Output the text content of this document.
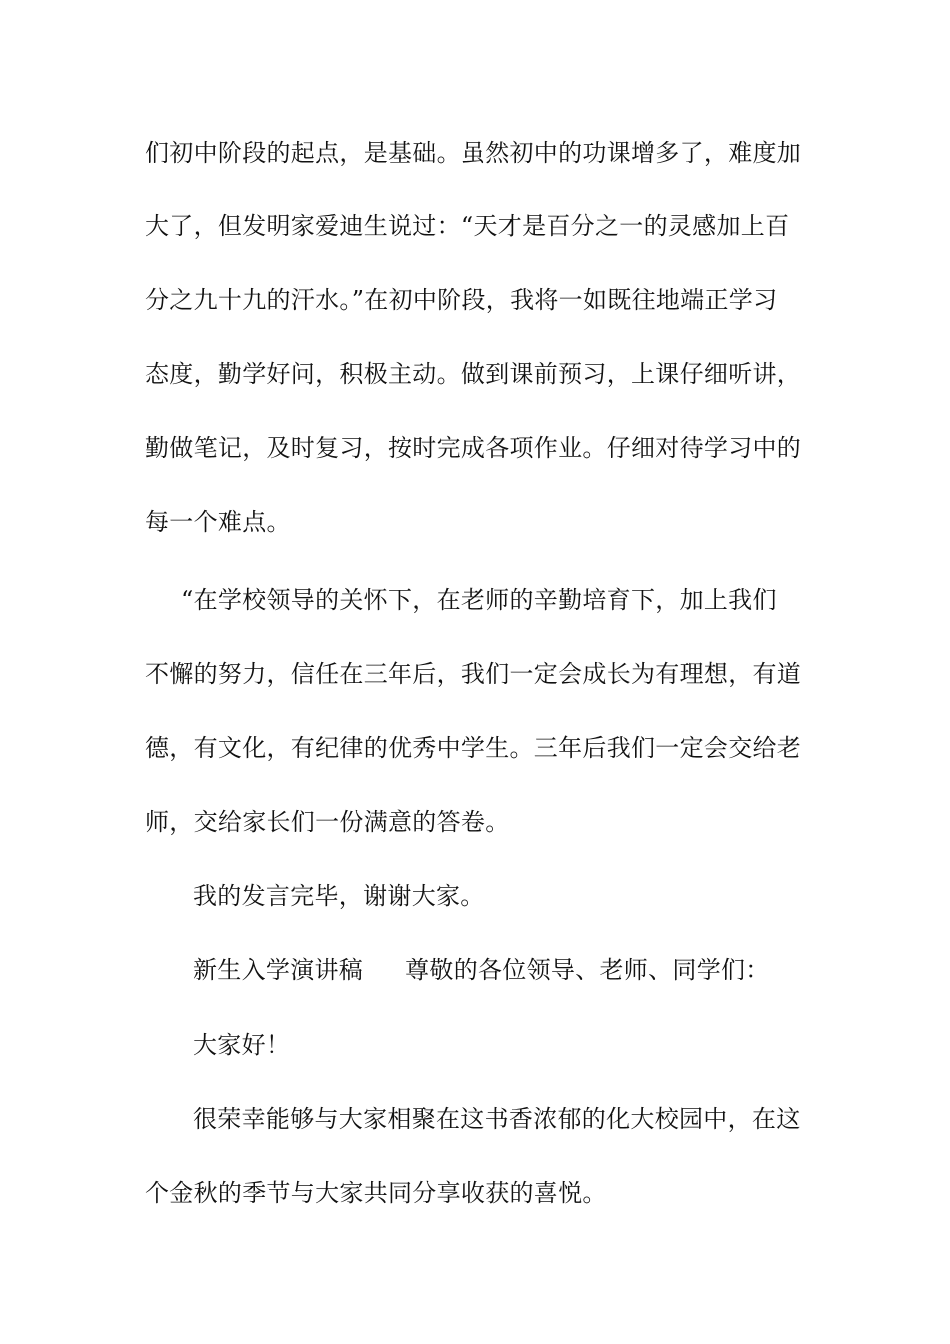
们初中阶段的起点，是基础。虽然初中的功课增多了，难度加
大了，但发明家爱迪生说过：“天才是百分之一的灵感加上百
分之九十九的汗水。”在初中阶段，我将一如既往地端正学习
态度，勤学好问，积极主动。做到课前预习，上课仔细听讲，
勤做笔记，及时复习，按时完成各项作业。仔细对待学习中的
每一个难点。
“在学校领导的关怀下，在老师的辛勤培育下，加上我们
不懈的努力，信任在三年后，我们一定会成长为有理想，有道
德，有文化，有纪律的优秀中学生。三年后我们一定会交给老
师，交给家长们一份满意的答卷。
我的发言完毕，谢谢大家。
新生入学演讲稿 尊敬的各位领导、老师、同学们：
大家好！
很荣幸能够与大家相聚在这书香浓郁的化大校园中，在这
个金秋的季节与大家共同分享收获的喜悦。
